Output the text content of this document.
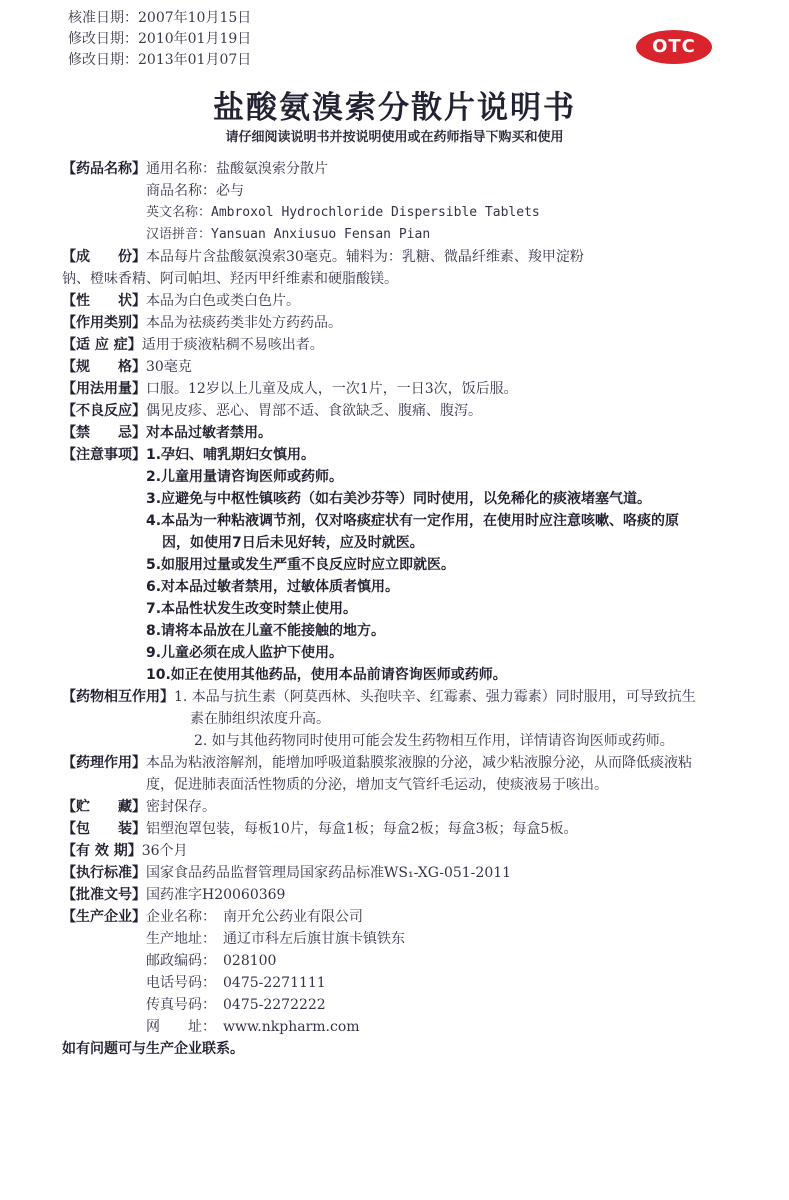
核准日期：2007年10月15日
修改日期：2010年01月19日
修改日期：2013年01月07日
OTC
盐酸氨溴索分散片说明书
请仔细阅读说明书并按说明使用或在药师指导下购买和使用
【药品名称】 通用名称：盐酸氨溴索分散片
商品名称：必与
英文名称：Ambroxol Hydrochloride Dispersible Tablets
汉语拼音：Yansuan Anxiusuo Fensan Pian
【成　　份】 本品每片含盐酸氨溴索30毫克。辅料为：乳糖、微晶纤维素、羧甲淀粉
钠、橙味香精、阿司帕坦、羟丙甲纤维素和硬脂酸镁。
【性　　状】 本品为白色或类白色片。
【作用类别】 本品为祛痰药类非处方药药品。
【适 应 症】 适用于痰液粘稠不易咳出者。
【规　　格】 30毫克
【用法用量】 口服。12岁以上儿童及成人，一次1片，一日3次，饭后服。
【不良反应】 偶见皮疹、恶心、胃部不适、食欲缺乏、腹痛、腹泻。
【禁　　忌】 对本品过敏者禁用。
【注意事项】 1.孕妇、哺乳期妇女慎用。
2.儿童用量请咨询医师或药师。
3.应避免与中枢性镇咳药（如右美沙芬等）同时使用，以免稀化的痰液堵塞气道。
4.本品为一种粘液调节剂，仅对咯痰症状有一定作用，在使用时应注意咳嗽、咯痰的原因，如使用7日后未见好转，应及时就医。
5.如服用过量或发生严重不良反应时应立即就医。
6.对本品过敏者禁用，过敏体质者慎用。
7.本品性状发生改变时禁止使用。
8.请将本品放在儿童不能接触的地方。
9.儿童必须在成人监护下使用。
10.如正在使用其他药品，使用本品前请咨询医师或药师。
【药物相互作用】 1. 本品与抗生素（阿莫西林、头孢呋辛、红霉素、强力霉素）同时服用，可导致抗生素在肺组织浓度升高。
2. 如与其他药物同时使用可能会发生药物相互作用，详情请咨询医师或药师。
【药理作用】 本品为粘液溶解剂，能增加呼吸道黏膜浆液腺的分泌，减少粘液腺分泌，从而降低痰液粘度，促进肺表面活性物质的分泌，增加支气管纤毛运动，使痰液易于咳出。
【贮　　藏】 密封保存。
【包　　装】 铝塑泡罩包装，每板10片，每盒1板；每盒2板；每盒3板；每盒5板。
【有 效 期】 36个月
【执行标准】 国家食品药品监督管理局国家药品标准WS₁-XG-051-2011
【批准文号】 国药准字H20060369
【生产企业】 企业名称：　南开允公药业有限公司
生产地址：　通辽市科左后旗甘旗卡镇铁东
邮政编码：　028100
电话号码：　0475-2271111
传真号码：　0475-2272222
网　　址：　www.nkpharm.com
如有问题可与生产企业联系。
